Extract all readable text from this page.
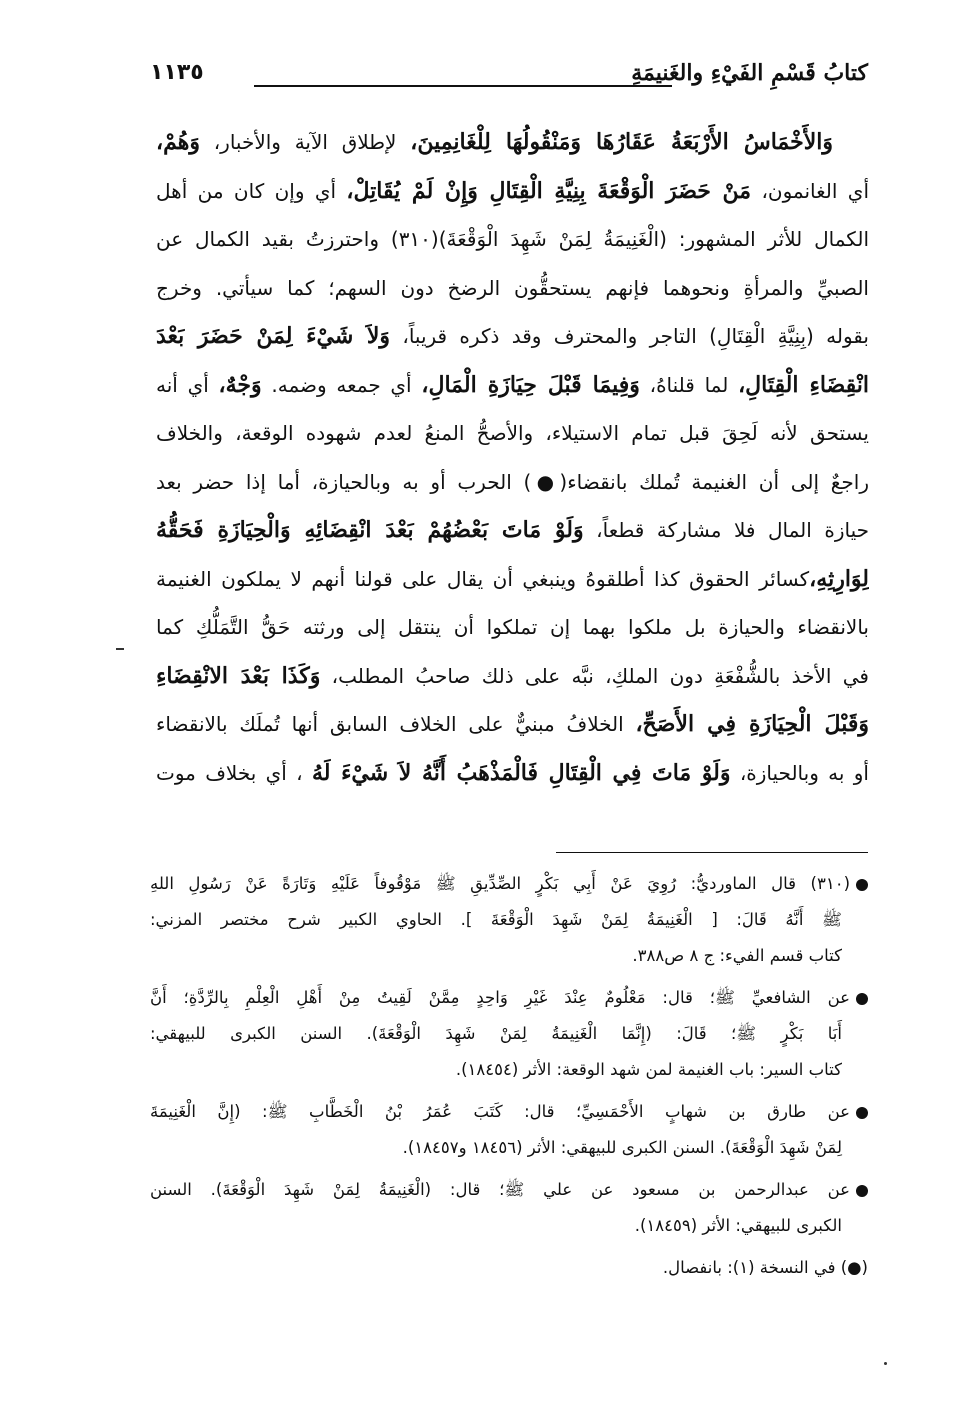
كتابُ قَسْمِ الفَيْءِ والغَنيمَةِ
١١٣٥
وَالأَخْمَاسُ الأَرْبَعَةُ عَقَارُهَا وَمَنْقُولُهَا لِلْغَانِمِينَ، لإطلاق الآية والأخبار، وَهُمْ،
أي الغانمون، مَنْ حَضَرَ الْوَقْعَةَ بِنِيَّةِ الْقِتَالِ وَإِنْ لَمْ يُقَاتِلْ، أي وإن كان من أهل
الكمال للأثر المشهور: (الْغَنِيمَةُ لِمَنْ شَهِدَ الْوَقْعَةَ)(٣١٠) واحترزتُ بقيد الكمال عن
الصبيِّ والمرأةِ ونحوهما فإنهم يستحقُّون الرضخ دون السهم؛ كما سيأتي. وخرج
بقوله (بِنِيَّةِ الْقِتَالِ) التاجر والمحترف وقد ذكره قريباً، وَلاَ شَيْءَ لِمَنْ حَضَرَ بَعْدَ
انْقِضَاءِ الْقِتَالِ، لما قلناهُ، وَفِيمَا قَبْلَ حِيَازَةِ الْمَالِ، أي جمعه وضمه. وَجْهٌ، أي أنه
يستحق لأنه لَحِقَ قبل تمام الاستيلاء، والأصحُّ المنعُ لعدم شهوده الوقعة، والخلاف
راجعٌ إلى أن الغنيمة تُملك بانقضاء(●) الحرب أو به وبالحيازة، أما إذا حضر بعد
حيازة المال فلا مشاركة قطعاً، وَلَوْ مَاتَ بَعْضُهُمْ بَعْدَ انْقِضَائِهِ وَالْحِيَازَةِ فَحَقُّهُ
لِوَارِثِهِ،كسائر الحقوق كذا أطلقوهُ وينبغي أن يقال على قولنا أنهم لا يملكون الغنيمة
بالانقضاء والحيازة بل ملكوا بهما إن تملكوا أن ينتقل إلى ورثته حَقُّ التَّمَلُّكِ كما
في الأخذ بالشُّفْعَةِ دون الملكِ، نبَّه على ذلك صاحبُ المطلب، وَكَذَا بَعْدَ الانْقِضَاءِ
وَقَبْلَ الْحِيَازَةِ فِي الأَصَحِّ، الخلافُ مبنيٌّ على الخلاف السابق أنها تُملَك بالانقضاء
أو به وبالحيازة، وَلَوْ مَاتَ فِي الْقِتَالِ فَالْمَذْهَبُ أَنَّهُ لاَ شَيْءَ لَهُ ، أي بخلاف موت
(٣١٠) قال الماورديُّ: رُوِيَ عَنْ أَبِي بَكْرٍ الصِّدِّيقِ ﷺ مَوْقُوفاً عَلَيْهِ وَتَارَةً عَنْ رَسُولِ اللهِ
ﷺ أَنَّهُ قَالَ: [ الْغَنِيمَةُ لِمَنْ شَهِدَ الْوَقْعَةَ ]. الحاوي الكبير شرح مختصر المزني:
كتاب قسم الفيء: ج ٨ ص٣٨٨.
عن الشافعيِّ ﷺ؛ قال: مَعْلُومٌ عِنْدَ غَيْرِ وَاحِدٍ مِمَّنْ لَقِيتُ مِنْ أَهْلِ الْعِلْمِ بِالرِّدَّةِ؛ أَنَّ
أَبَا بَكْرٍ ﷺ؛ قَالَ: (إِنَّمَا الْغَنِيمَةُ لِمَنْ شَهِدَ الْوَقْعَةَ). السنن الكبرى للبيهقي:
كتاب السير: باب الغنيمة لمن شهد الوقعة: الأثر (١٨٤٥٤).
عن طارق بن شهابٍ الأَحْمَسِيِّ؛ قال: كَتَبَ عُمَرُ بْنُ الْخَطَّابِ ﷺ: (إِنَّ الْغَنِيمَةَ
لِمَنْ شَهِدَ الْوَقْعَةَ). السنن الكبرى للبيهقي: الأثر (١٨٤٥٦ و١٨٤٥٧).
عن عبدالرحمن بن مسعود عن علي ﷺ؛ قال: (الْغَنِيمَةُ لِمَنْ شَهِدَ الْوَقْعَةَ). السنن
الكبرى للبيهقي: الأثر (١٨٤٥٩).
(●) في النسخة (١): بانفصال.
